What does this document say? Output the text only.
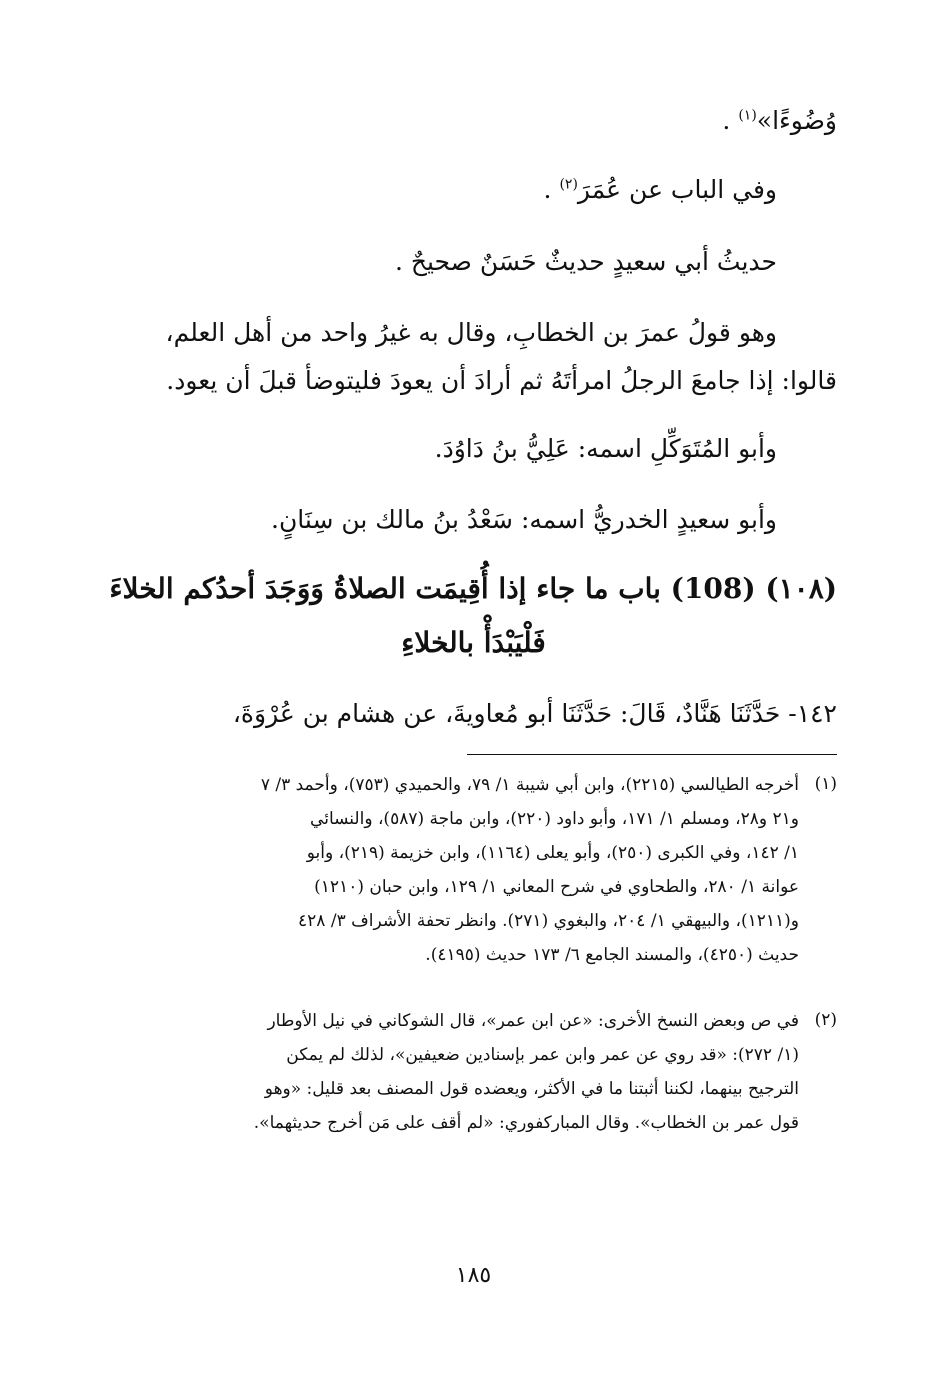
وُضُوءًا»$^{(١)}$ .
وفي الباب عن عُمَرَ$^{(٢)}$ .
حديثُ أبي سعيدٍ حديثٌ حَسَنٌ صحيحٌ .
وهو قولُ عمرَ بن الخطابِ، وقال به غيرُ واحد من أهل العلم،
قالوا: إذا جامعَ الرجلُ امرأتَهُ ثم أرادَ أن يعودَ فليتوضأ قبلَ أن يعود.
وأبو المُتَوَكِّلِ اسمه: عَلِيُّ بنُ دَاوُدَ.
وأبو سعيدٍ الخدريُّ اسمه: سَعْدُ بنُ مالك بن سِنَانٍ.
(١٠٨) (108) باب ما جاء إذا أُقِيمَت الصلاةُ وَوَجَدَ أحدُكم الخلاءَ
فَلْيَبْدَأْ بالخلاءِ
١٤٢- حَدَّثَنَا هَنَّادٌ، قَالَ: حَدَّثَنَا أبو مُعاويةَ، عن هشام بن عُرْوَةَ،
(١)
أخرجه الطيالسي (٢٢١٥)، وابن أبي شيبة ١/ ٧٩، والحميدي (٧٥٣)، وأحمد ٣/ ٧
و٢١ و٢٨، ومسلم ١/ ١٧١، وأبو داود (٢٢٠)، وابن ماجة (٥٨٧)، والنسائي
١/ ١٤٢، وفي الكبرى (٢٥٠)، وأبو يعلى (١١٦٤)، وابن خزيمة (٢١٩)، وأبو
عوانة ١/ ٢٨٠، والطحاوي في شرح المعاني ١/ ١٢٩، وابن حبان (١٢١٠)
و(١٢١١)، والبيهقي ١/ ٢٠٤، والبغوي (٢٧١). وانظر تحفة الأشراف ٣/ ٤٢٨
حديث (٤٢٥٠)، والمسند الجامع ٦/ ١٧٣ حديث (٤١٩٥).
(٢)
في ص وبعض النسخ الأخرى: «عن ابن عمر»، قال الشوكاني في نيل الأوطار
(١/ ٢٧٢): «قد روي عن عمر وابن عمر بإسنادين ضعيفين»، لذلك لم يمكن
الترجيح بينهما، لكننا أثبتنا ما في الأكثر، ويعضده قول المصنف بعد قليل: «وهو
قول عمر بن الخطاب». وقال المباركفوري: «لم أقف على مَن أخرج حديثهما».
١٨٥
